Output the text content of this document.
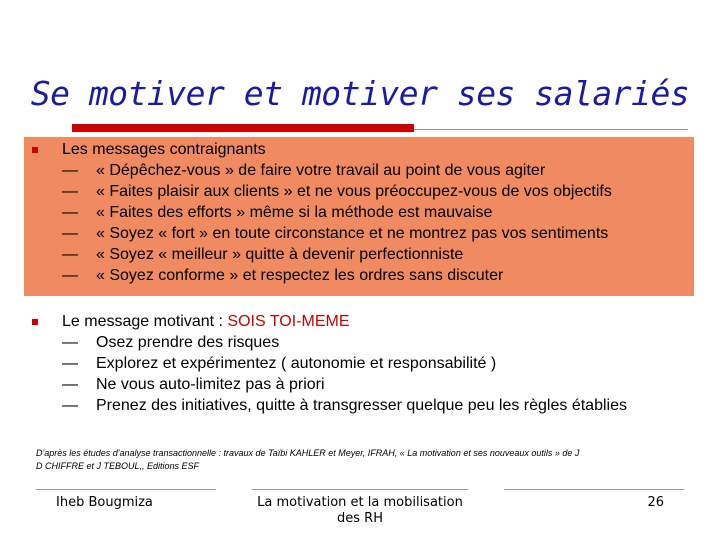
Se motiver et motiver ses salariés
Les messages contraignants
— « Dépêchez-vous » de faire votre travail au point de vous agiter
— « Faites plaisir aux clients » et ne vous préoccupez-vous de vos objectifs
— « Faites des efforts » même si la méthode est mauvaise
— « Soyez « fort » en toute circonstance et ne montrez pas vos sentiments
— « Soyez « meilleur » quitte à devenir perfectionniste
— « Soyez conforme » et respectez les ordres sans discuter
Le message motivant : SOIS TOI-MEME
— Osez prendre des risques
— Explorez et expérimentez ( autonomie et responsabilité )
— Ne vous auto-limitez pas à priori
— Prenez des initiatives, quitte à transgresser quelque peu les règles établies
D'après les études d'analyse transactionnelle : travaux de Taïbi KAHLER et Meyer, IFRAH, « La motivation et ses nouveaux outils » de J
D CHIFFRE et J TEBOUL,, Editions ESF
Iheb Bougmiza	La motivation et la mobilisation
des RH
26
